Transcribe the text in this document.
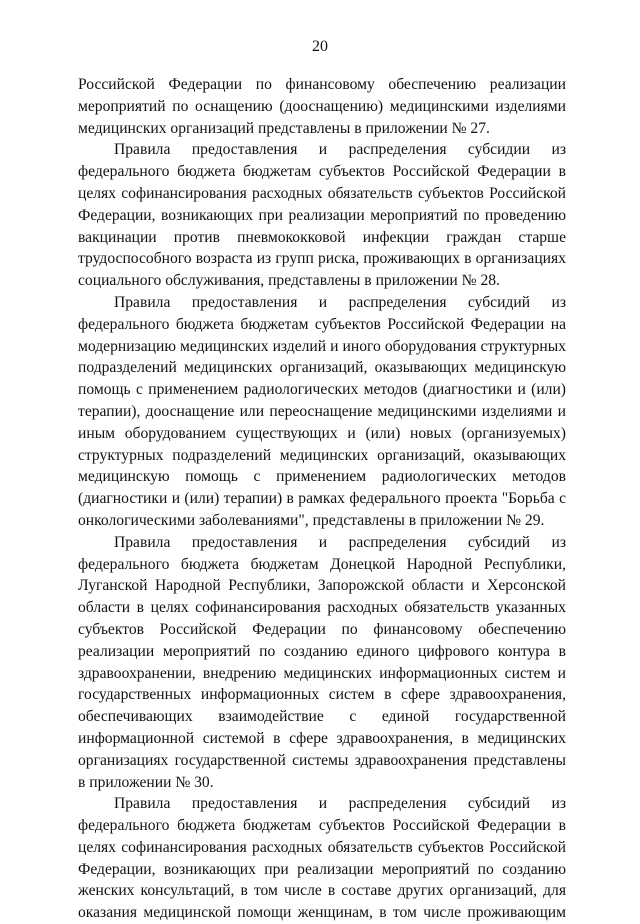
20

Российской Федерации по финансовому обеспечению реализации мероприятий по оснащению (дооснащению) медицинскими изделиями медицинских организаций представлены в приложении № 27.

Правила предоставления и распределения субсидии из федерального бюджета бюджетам субъектов Российской Федерации в целях софинансирования расходных обязательств субъектов Российской Федерации, возникающих при реализации мероприятий по проведению вакцинации против пневмококковой инфекции граждан старше трудоспособного возраста из групп риска, проживающих в организациях социального обслуживания, представлены в приложении № 28.

Правила предоставления и распределения субсидий из федерального бюджета бюджетам субъектов Российской Федерации на модернизацию медицинских изделий и иного оборудования структурных подразделений медицинских организаций, оказывающих медицинскую помощь с применением радиологических методов (диагностики и (или) терапии), дооснащение или переоснащение медицинскими изделиями и иным оборудованием существующих и (или) новых (организуемых) структурных подразделений медицинских организаций, оказывающих медицинскую помощь с применением радиологических методов (диагностики и (или) терапии) в рамках федерального проекта "Борьба с онкологическими заболеваниями", представлены в приложении № 29.

Правила предоставления и распределения субсидий из федерального бюджета бюджетам Донецкой Народной Республики, Луганской Народной Республики, Запорожской области и Херсонской области в целях софинансирования расходных обязательств указанных субъектов Российской Федерации по финансовому обеспечению реализации мероприятий по созданию единого цифрового контура в здравоохранении, внедрению медицинских информационных систем и государственных информационных систем в сфере здравоохранения, обеспечивающих взаимодействие с единой государственной информационной системой в сфере здравоохранения, в медицинских организациях государственной системы здравоохранения представлены в приложении № 30.

Правила предоставления и распределения субсидий из федерального бюджета бюджетам субъектов Российской Федерации в целях софинансирования расходных обязательств субъектов Российской Федерации, возникающих при реализации мероприятий по созданию женских консультаций, в том числе в составе других организаций, для оказания медицинской помощи женщинам, в том числе проживающим
